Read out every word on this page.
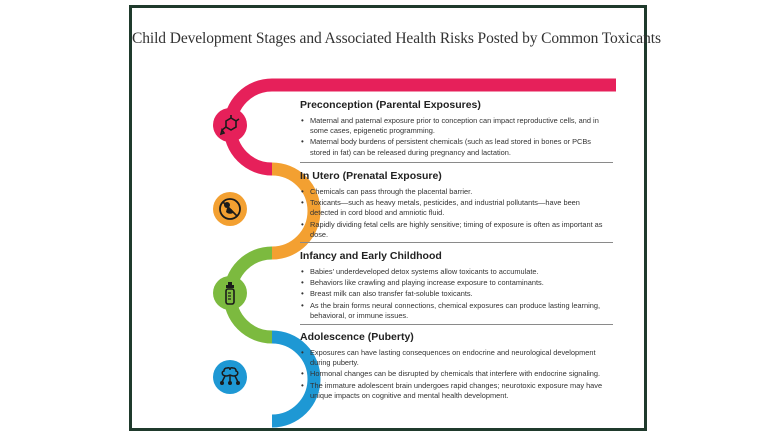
Child Development Stages and Associated Health Risks Posted by Common Toxicants
Preconception (Parental Exposures)
• Maternal and paternal exposure prior to conception can impact reproductive cells, and in some cases, epigenetic programming.
• Maternal body burdens of persistent chemicals (such as lead stored in bones or PCBs stored in fat) can be released during pregnancy and lactation.
In Utero (Prenatal Exposure)
• Chemicals can pass through the placental barrier.
• Toxicants—such as heavy metals, pesticides, and industrial pollutants—have been detected in cord blood and amniotic fluid.
• Rapidly dividing fetal cells are highly sensitive; timing of exposure is often as important as dose.
Infancy and Early Childhood
• Babies' underdeveloped detox systems allow toxicants to accumulate.
• Behaviors like crawling and playing increase exposure to contaminants.
• Breast milk can also transfer fat-soluble toxicants.
• As the brain forms neural connections, chemical exposures can produce lasting learning, behavioral, or immune issues.
Adolescence (Puberty)
• Exposures can have lasting consequences on endocrine and neurological development during puberty.
• Hormonal changes can be disrupted by chemicals that interfere with endocrine signaling.
• The immature adolescent brain undergoes rapid changes; neurotoxic exposure may have unique impacts on cognitive and mental health development.
